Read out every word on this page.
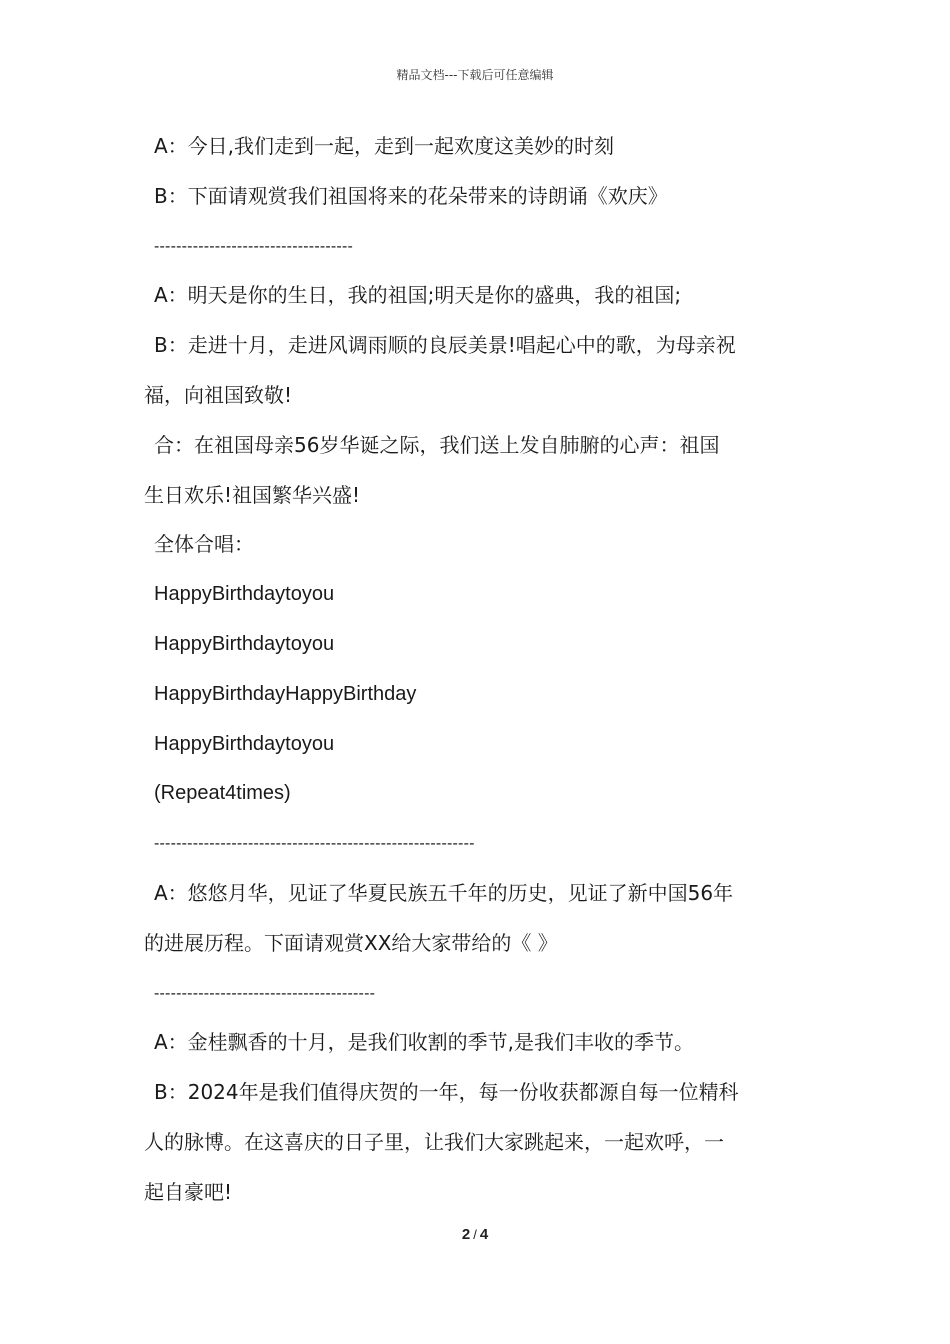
精品文档---下载后可任意编辑

A：今日,我们走到一起，走到一起欢度这美妙的时刻

B：下面请观赏我们祖国将来的花朵带来的诗朗诵《欢庆》

------------------------------------

A：明天是你的生日，我的祖国;明天是你的盛典，我的祖国;

B：走进十月，走进风调雨顺的良辰美景!唱起心中的歌，为母亲祝

福，向祖国致敬!

合：在祖国母亲56岁华诞之际，我们送上发自肺腑的心声：祖国

生日欢乐!祖国繁华兴盛!

全体合唱：

HappyBirthdaytoyou

HappyBirthdaytoyou

HappyBirthdayHappyBirthday

HappyBirthdaytoyou

(Repeat4times)

----------------------------------------------------------

A：悠悠月华，见证了华夏民族五千年的历史，见证了新中国56年

的进展历程。下面请观赏XX给大家带给的《 》

----------------------------------------

A：金桂飘香的十月，是我们收割的季节,是我们丰收的季节。

B：2024年是我们值得庆贺的一年，每一份收获都源自每一位精科

人的脉博。在这喜庆的日子里，让我们大家跳起来，一起欢呼，一

起自豪吧!

2 / 4
